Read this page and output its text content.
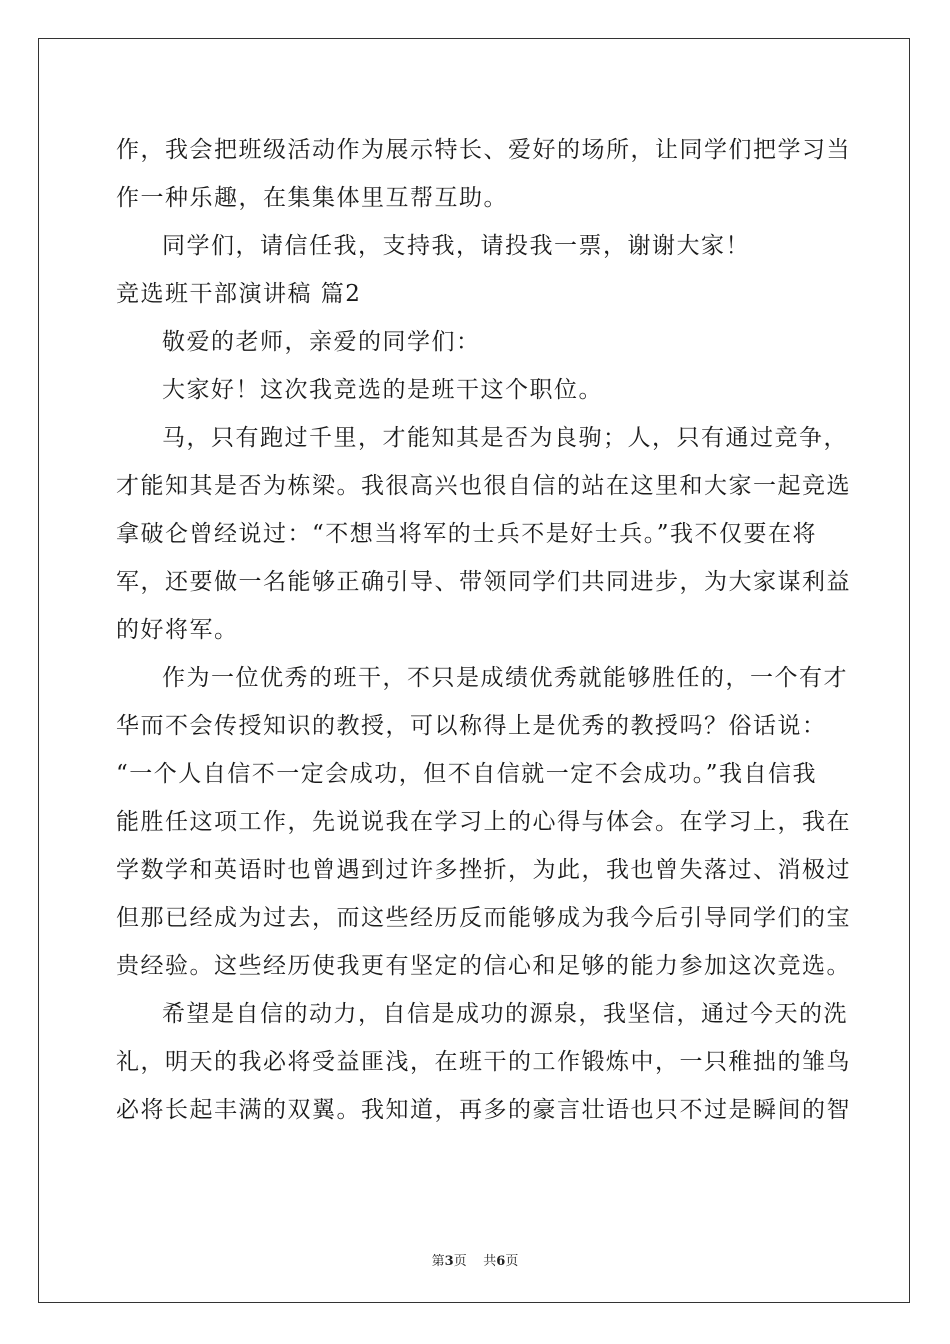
作，我会把班级活动作为展示特长、爱好的场所，让同学们把学习当
作一种乐趣，在集集体里互帮互助。
同学们，请信任我，支持我，请投我一票，谢谢大家！
竞选班干部演讲稿 篇2
敬爱的老师，亲爱的同学们：
大家好！这次我竞选的是班干这个职位。
马，只有跑过千里，才能知其是否为良驹；人，只有通过竞争，
才能知其是否为栋梁。我很高兴也很自信的站在这里和大家一起竞选
拿破仑曾经说过：“不想当将军的士兵不是好士兵。”我不仅要在将
军，还要做一名能够正确引导、带领同学们共同进步，为大家谋利益
的好将军。
作为一位优秀的班干，不只是成绩优秀就能够胜任的，一个有才
华而不会传授知识的教授，可以称得上是优秀的教授吗？俗话说：
“一个人自信不一定会成功，但不自信就一定不会成功。”我自信我
能胜任这项工作，先说说我在学习上的心得与体会。在学习上，我在
学数学和英语时也曾遇到过许多挫折，为此，我也曾失落过、消极过
但那已经成为过去，而这些经历反而能够成为我今后引导同学们的宝
贵经验。这些经历使我更有坚定的信心和足够的能力参加这次竞选。
希望是自信的动力，自信是成功的源泉，我坚信，通过今天的洗
礼，明天的我必将受益匪浅，在班干的工作锻炼中，一只稚拙的雏鸟
必将长起丰满的双翼。我知道，再多的豪言壮语也只不过是瞬间的智
第3页 共6页
